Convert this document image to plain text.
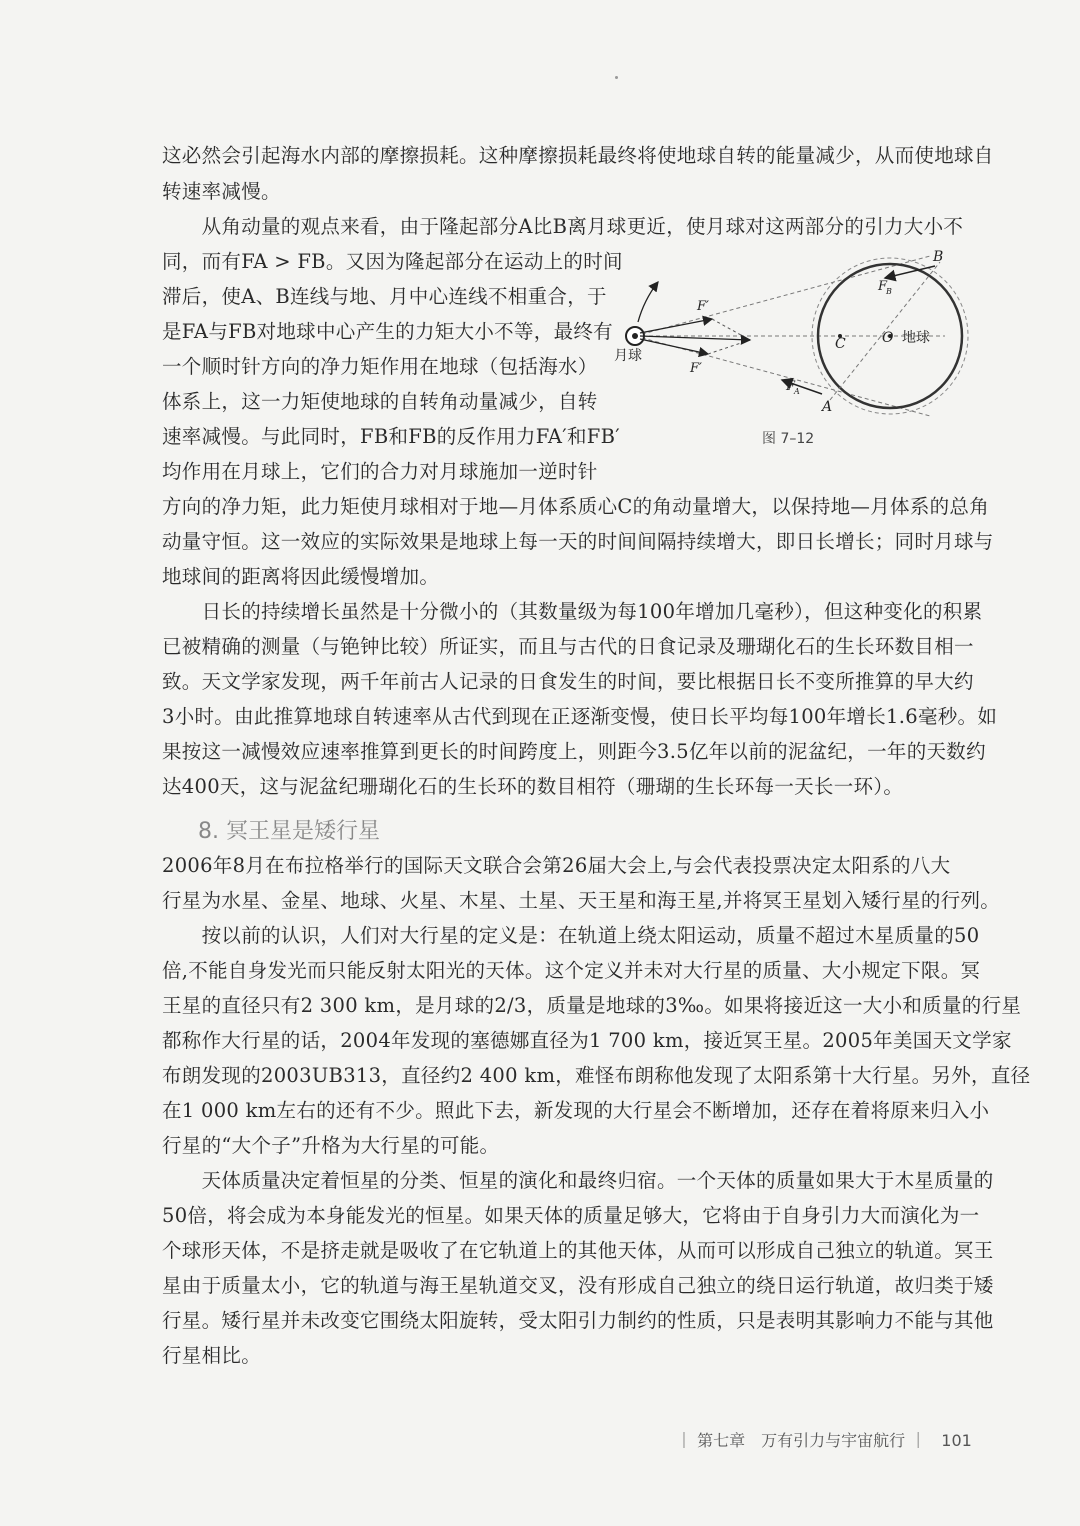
这必然会引起海水内部的摩擦损耗。这种摩擦损耗最终将使地球自转的能量减少，从而使地球自
转速率减慢。
　　从角动量的观点来看，由于隆起部分A比B离月球更近，使月球对这两部分的引力大小不
同，而有FA > FB。又因为隆起部分在运动上的时间
滞后，使A、B连线与地、月中心连线不相重合，于
是FA与FB对地球中心产生的力矩大小不等，最终有
一个顺时针方向的净力矩作用在地球（包括海水）
体系上，这一力矩使地球的自转角动量减少，自转
速率减慢。与此同时，FB和FB的反作用力FA′和FB′
均作用在月球上，它们的合力对月球施加一逆时针
方向的净力矩，此力矩使月球相对于地—月体系质心C的角动量增大，以保持地—月体系的总角
动量守恒。这一效应的实际效果是地球上每一天的时间间隔持续增大，即日长增长；同时月球与
地球间的距离将因此缓慢增加。
　　日长的持续增长虽然是十分微小的（其数量级为每100年增加几毫秒），但这种变化的积累
已被精确的测量（与铯钟比较）所证实，而且与古代的日食记录及珊瑚化石的生长环数目相一
致。天文学家发现，两千年前古人记录的日食发生的时间，要比根据日长不变所推算的早大约
3小时。由此推算地球自转速率从古代到现在正逐渐变慢，使日长平均每100年增长1.6毫秒。如
果按这一减慢效应速率推算到更长的时间跨度上，则距今3.5亿年以前的泥盆纪，一年的天数约
达400天，这与泥盆纪珊瑚化石的生长环的数目相符（珊瑚的生长环每一天长一环）。
8. 冥王星是矮行星
2006年8月在布拉格举行的国际天文联合会第26届大会上,与会代表投票决定太阳系的八大
行星为水星、金星、地球、火星、木星、土星、天王星和海王星,并将冥王星划入矮行星的行列。
　　按以前的认识，人们对大行星的定义是：在轨道上绕太阳运动，质量不超过木星质量的50
倍,不能自身发光而只能反射太阳光的天体。这个定义并未对大行星的质量、大小规定下限。冥
王星的直径只有2 300 km，是月球的2/3，质量是地球的3‰。如果将接近这一大小和质量的行星
都称作大行星的话，2004年发现的塞德娜直径为1 700 km，接近冥王星。2005年美国天文学家
布朗发现的2003UB313，直径约2 400 km，难怪布朗称他发现了太阳系第十大行星。另外，直径
在1 000 km左右的还有不少。照此下去，新发现的大行星会不断增加，还存在着将原来归入小
行星的“大个子”升格为大行星的可能。
　　天体质量决定着恒星的分类、恒星的演化和最终归宿。一个天体的质量如果大于木星质量的
50倍，将会成为本身能发光的恒星。如果天体的质量足够大，它将由于自身引力大而演化为一
个球形天体，不是挤走就是吸收了在它轨道上的其他天体，从而可以形成自己独立的轨道。冥王
星由于质量太小，它的轨道与海王星轨道交叉，没有形成自己独立的绕日运行轨道，故归类于矮
行星。矮行星并未改变它围绕太阳旋转，受太阳引力制约的性质，只是表明其影响力不能与其他
行星相比。
月球
地球
O
C
A
B
F
B
F
A
F′
F′
图 7–12
｜ 第七章　万有引力与宇宙航行 ｜ 101
